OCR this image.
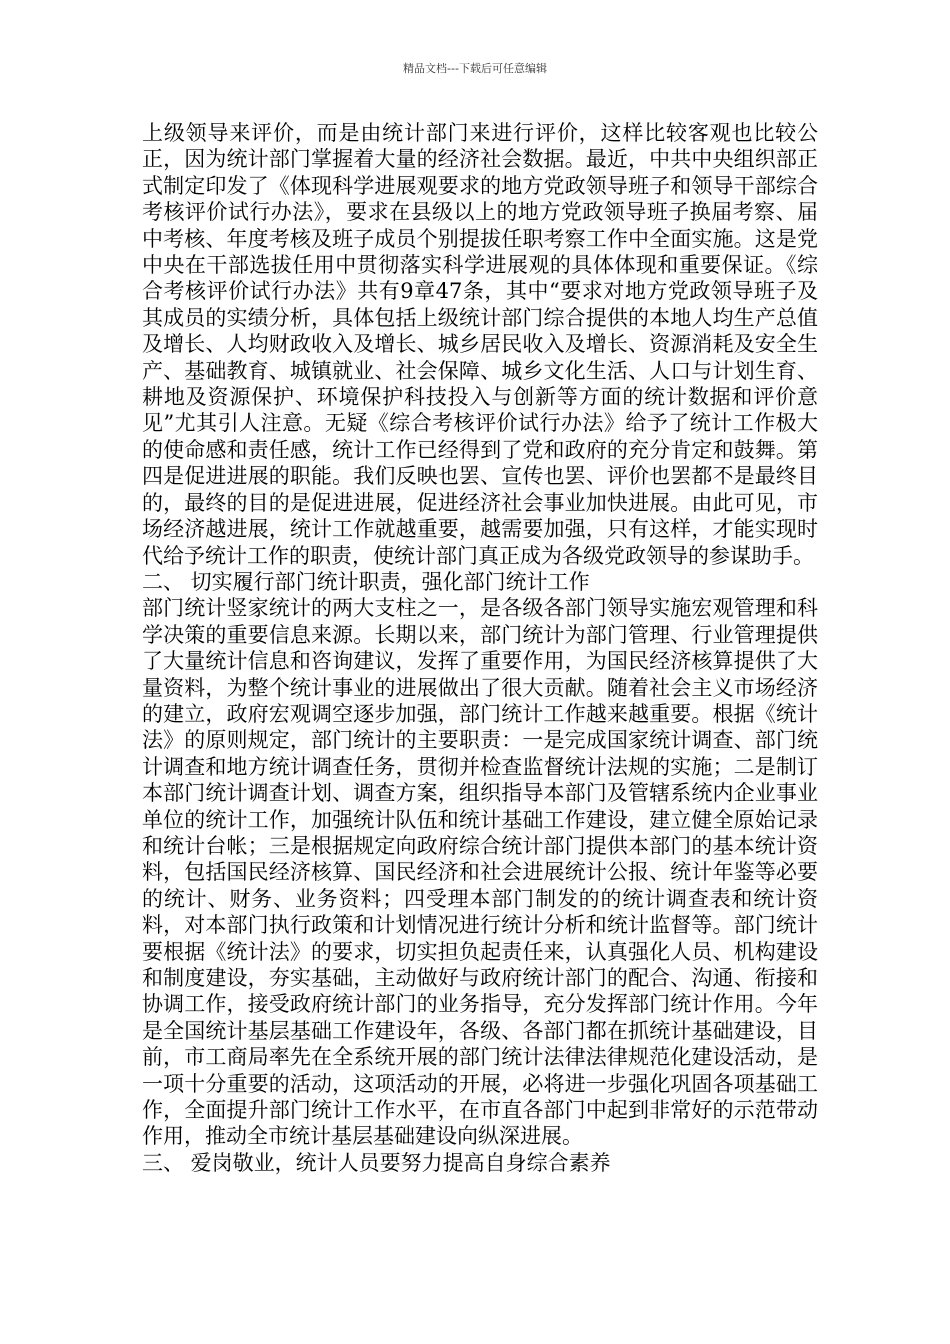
精品文档---下载后可任意编辑

上级领导来评价，而是由统计部门来进行评价，这样比较客观也比较公正，因为统计部门掌握着大量的经济社会数据。最近，中共中央组织部正式制定印发了《体现科学进展观要求的地方党政领导班子和领导干部综合考核评价试行办法》，要求在县级以上的地方党政领导班子换届考察、届中考核、年度考核及班子成员个别提拔任职考察工作中全面实施。这是党中央在干部选拔任用中贯彻落实科学进展观的具体体现和重要保证。《综合考核评价试行办法》共有9章47条，其中“要求对地方党政领导班子及其成员的实绩分析，具体包括上级统计部门综合提供的本地人均生产总值及增长、人均财政收入及增长、城乡居民收入及增长、资源消耗及安全生产、基础教育、城镇就业、社会保障、城乡文化生活、人口与计划生育、耕地及资源保护、环境保护科技投入与创新等方面的统计数据和评价意见”尤其引人注意。无疑《综合考核评价试行办法》给予了统计工作极大的使命感和责任感，统计工作已经得到了党和政府的充分肯定和鼓舞。第四是促进进展的职能。我们反映也罢、宣传也罢、评价也罢都不是最终目的，最终的目的是促进进展，促进经济社会事业加快进展。由此可见，市场经济越进展，统计工作就越重要，越需要加强，只有这样，才能实现时代给予统计工作的职责，使统计部门真正成为各级党政领导的参谋助手。

二、 切实履行部门统计职责，强化部门统计工作

部门统计竖家统计的两大支柱之一，是各级各部门领导实施宏观管理和科学决策的重要信息来源。长期以来，部门统计为部门管理、行业管理提供了大量统计信息和咨询建议，发挥了重要作用，为国民经济核算提供了大量资料，为整个统计事业的进展做出了很大贡献。随着社会主义市场经济的建立，政府宏观调空逐步加强，部门统计工作越来越重要。根据《统计法》的原则规定，部门统计的主要职责：一是完成国家统计调查、部门统计调查和地方统计调查任务，贯彻并检查监督统计法规的实施；二是制订本部门统计调查计划、调查方案，组织指导本部门及管辖系统内企业事业单位的统计工作，加强统计队伍和统计基础工作建设，建立健全原始记录和统计台帐；三是根据规定向政府综合统计部门提供本部门的基本统计资料，包括国民经济核算、国民经济和社会进展统计公报、统计年鉴等必要的统计、财务、业务资料；四受理本部门制发的的统计调查表和统计资料，对本部门执行政策和计划情况进行统计分析和统计监督等。部门统计要根据《统计法》的要求，切实担负起责任来，认真强化人员、机构建设和制度建设，夯实基础，主动做好与政府统计部门的配合、沟通、衔接和协调工作，接受政府统计部门的业务指导，充分发挥部门统计作用。今年是全国统计基层基础工作建设年，各级、各部门都在抓统计基础建设，目前，市工商局率先在全系统开展的部门统计法律法律规范化建设活动，是一项十分重要的活动，这项活动的开展，必将进一步强化巩固各项基础工作，全面提升部门统计工作水平，在市直各部门中起到非常好的示范带动作用，推动全市统计基层基础建设向纵深进展。

三、 爱岗敬业，统计人员要努力提高自身综合素养
